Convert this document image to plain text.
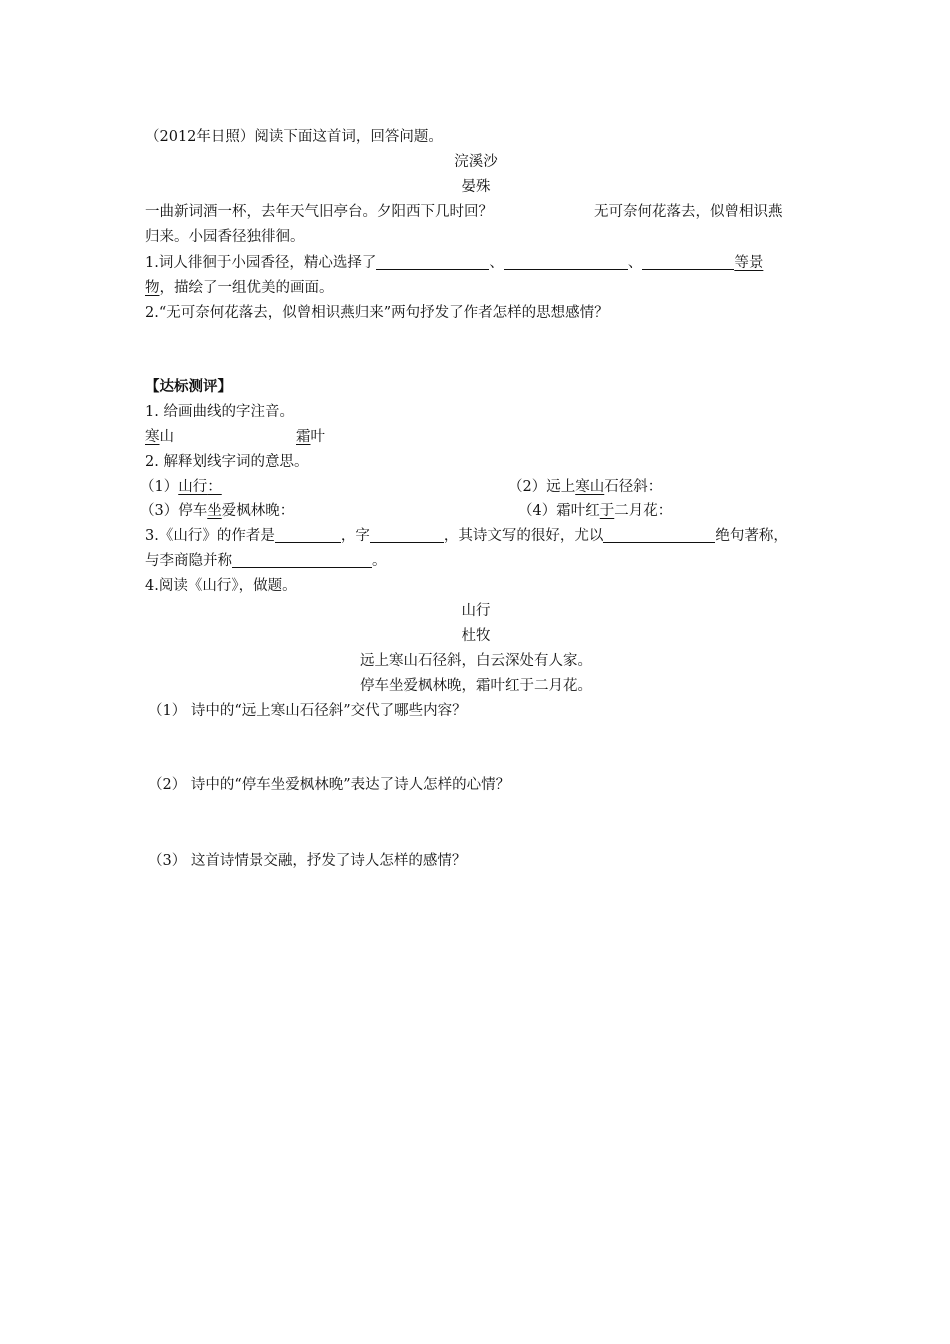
（2012年日照）阅读下面这首词，回答问题。
浣溪沙
晏殊
一曲新词酒一杯，去年天气旧亭台。夕阳西下几时回？	无可奈何花落去，似曾相识燕
归来。小园香径独徘徊。
1.词人徘徊于小园香径，精心选择了	、	、	等景
物，描绘了一组优美的画面。
2.“无可奈何花落去，似曾相识燕归来”两句抒发了作者怎样的思想感情？
【达标测评】
1. 给画曲线的字注音。
寒山	霜叶
2. 解释划线字词的意思。
（1）山行：	（2）远上寒山石径斜：
（3）停车坐爱枫林晚：	（4）霜叶红于二月花：
3.《山行》的作者是	，字	，其诗文写的很好，尤以	绝句著称，
与李商隐并称	。
4.阅读《山行》，做题。
山行
杜牧
远上寒山石径斜，白云深处有人家。
停车坐爱枫林晚，霜叶红于二月花。
（1） 诗中的“远上寒山石径斜”交代了哪些内容？
（2） 诗中的“停车坐爱枫林晚”表达了诗人怎样的心情？
（3） 这首诗情景交融，抒发了诗人怎样的感情？
